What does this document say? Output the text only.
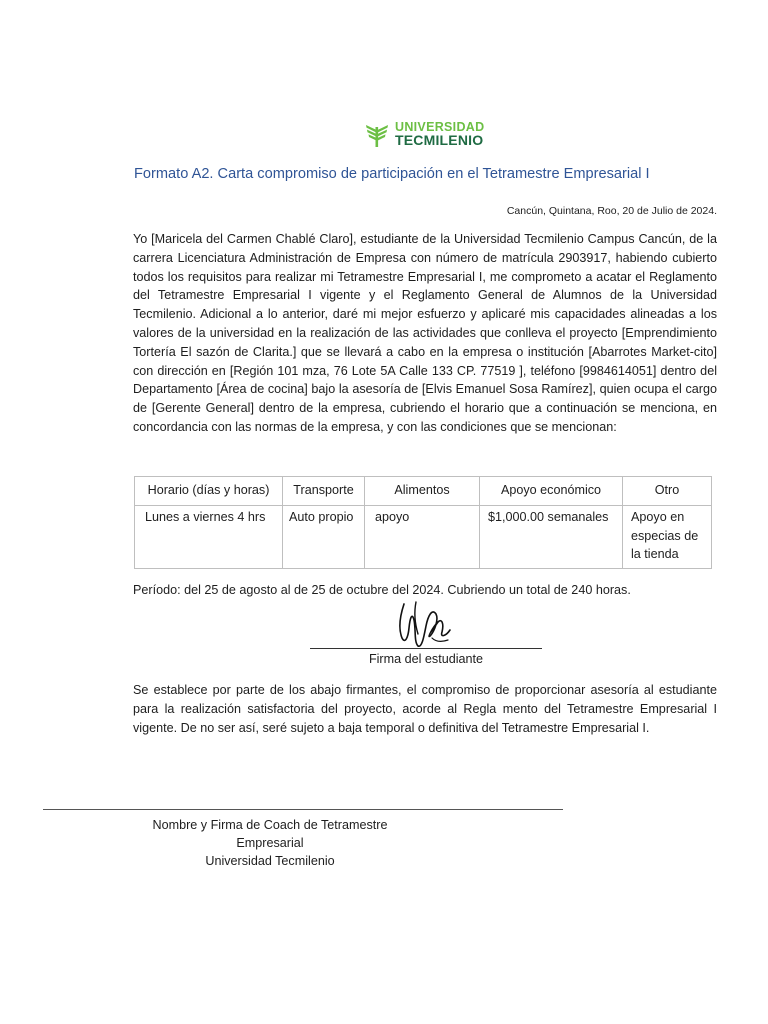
UNIVERSIDAD
TECMILENIO
Formato A2. Carta compromiso de participación en el Tetramestre Empresarial I
Cancún, Quintana, Roo, 20 de Julio de 2024.

Yo [Maricela del Carmen Chablé Claro], estudiante de la Universidad Tecmilenio Campus Cancún, de la carrera Licenciatura Administración de Empresa con número de matrícula 2903917, habiendo cubierto todos los requisitos para realizar mi Tetramestre Empresarial I, me comprometo a acatar el Reglamento del Tetramestre Empresarial I vigente y el Reglamento General de Alumnos de la Universidad Tecmilenio. Adicional a lo anterior, daré mi mejor esfuerzo y aplicaré mis capacidades alineadas a los valores de la universidad en la realización de las actividades que conlleva el proyecto [Emprendimiento Tortería El sazón de Clarita.] que se llevará a cabo en la empresa o institución [Abarrotes Market-cito] con dirección en [Región 101 mza, 76 Lote 5A Calle 133 CP. 77519 ], teléfono [9984614051] dentro del Departamento [Área de cocina] bajo la asesoría de [Elvis Emanuel Sosa Ramírez], quien ocupa el cargo de [Gerente General] dentro de la empresa, cubriendo el horario que a continuación se menciona, en concordancia con las normas de la empresa, y con las condiciones que se mencionan:

Horario (días y horas)	Transporte	Alimentos	Apoyo económico	Otro
Lunes a viernes 4 hrs	Auto propio	apoyo	$1,000.00 semanales	Apoyo en especias de la tienda
Período: del 25 de agosto al de 25 de octubre del 2024. Cubriendo un total de 240 horas.
Firma del estudiante

Se establece por parte de los abajo firmantes, el compromiso de proporcionar asesoría al estudiante para la realización satisfactoria del proyecto, acorde al Regla mento del Tetramestre Empresarial I vigente. De no ser así, seré sujeto a baja temporal o definitiva del Tetramestre Empresarial I.

Nombre y Firma de Coach de Tetramestre
Empresarial
Universidad Tecmilenio
